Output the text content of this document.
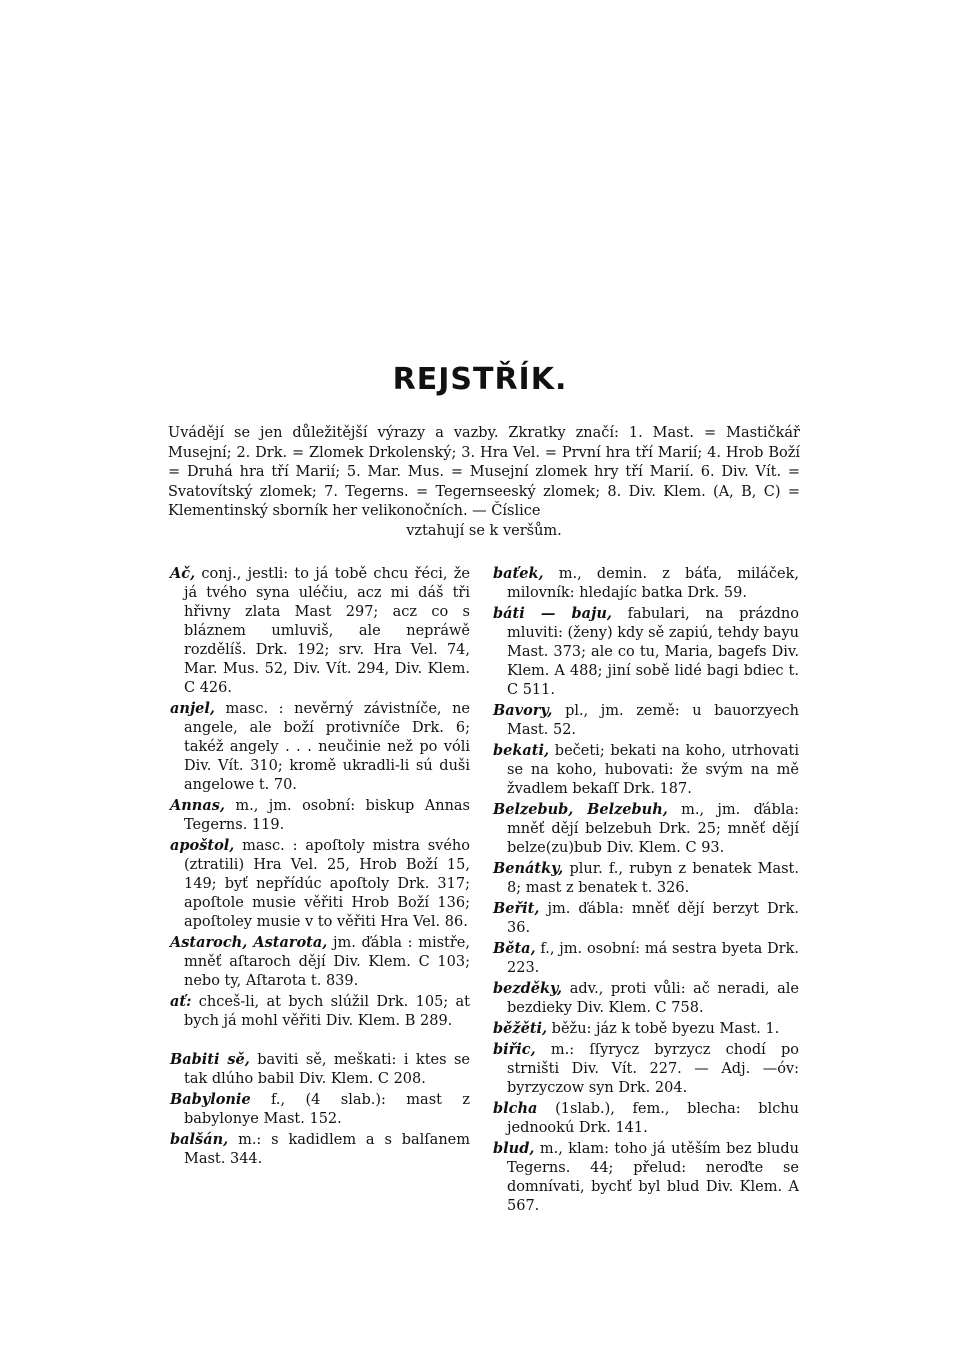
REJSTŘÍK.

Uvádějí se jen důležitější výrazy a vazby. Zkratky značí: 1. Mast. = Mastičkář Musejní; 2. Drk. = Zlomek Drkolenský; 3. Hra Vel. = První hra tří Marií; 4. Hrob Boží = Druhá hra tří Marií; 5. Mar. Mus. = Musejní zlomek hry tří Marií. 6. Div. Vít. = Svatovítský zlomek; 7. Tegerns. = Tegernseeský zlomek; 8. Div. Klem. (A, B, C) = Klementinský sborník her velikonočních. — Číslice
vztahují se k veršům.

Ač, conj., jestli: to já tobě chcu řéci, že já tvého syna uléčiu, acz mi dáš tři hřivny zlata Mast 297; acz co s bláznem umluviš, ale nepráwě rozdělíš. Drk. 192; srv. Hra Vel. 74, Mar. Mus. 52, Div. Vít. 294, Div. Klem. C 426.

anjel, masc. : nevěrný závistníče, ne angele, ale boží protivníče Drk. 6; takéž angely . . . neučinie než po vóli Div. Vít. 310; kromě ukradli-li sú duši angelowe t. 70.

Annas, m., jm. osobní: biskup Annas Tegerns. 119.

apoštol, masc. : apoſtoly mistra svého (ztratili) Hra Vel. 25, Hrob Boží 15, 149; byť nepřídúc apoſtoly Drk. 317; apoſtole musie věřiti Hrob Boží 136; apoſtoley musie v to věřiti Hra Vel. 86.

Astaroch, Astarota, jm. ďábla : mistře, mněť aſtaroch dějí Div. Klem. C 103; nebo ty, Aſtarota t. 839.

ať: chceš-li, at bych slúžil Drk. 105; at bych já mohl věřiti Div. Klem. B 289.

Babiti sě, baviti sě, meškati: i ktes se tak dlúho babil Div. Klem. C 208.

Babylonie f., (4 slab.): mast z babylonye Mast. 152.

balšán, m.: s kadidlem a s balſanem Mast. 344.

baťek, m., demin. z báťa, miláček, milovník: hledajíc batka Drk. 59.

báti — baju, fabulari, na prázdno mluviti: (ženy) kdy sě zapiú, tehdy bayu Mast. 373; ale co tu, Maria, bagefs Div. Klem. A 488; jiní sobě lidé bagi bdiec t. C 511.

Bavory, pl., jm. země: u bauorzyech Mast. 52.

bekati, bečeti; bekati na koho, utrhovati se na koho, hubovati: že svým na mě žvadlem bekaſſ Drk. 187.

Belzebub, Belzebuh, m., jm. ďábla: mněť dějí belzebuh Drk. 25; mněť dějí belze(zu)bub Div. Klem. C 93.

Benátky, plur. f., rubyn z benatek Mast. 8; mast z benatek t. 326.

Beřit, jm. ďábla: mněť dějí berzyt Drk. 36.

Běta, f., jm. osobní: má sestra byeta Drk. 223.

bezděky, adv., proti vůli: ač neradi, ale bezdieky Div. Klem. C 758.

běžěti, běžu: jáz k tobě byezu Mast. 1.

biřic, m.: ſſyrycz byrzycz chodí po strništi Div. Vít. 227. — Adj. —óv: byrzyczow syn Drk. 204.

blcha (1slab.), fem., blecha: blchu jednookú Drk. 141.

blud, m., klam: toho já utěším bez bludu Tegerns. 44; přelud: neroďte se domnívati, bychť byl blud Div. Klem. A 567.
